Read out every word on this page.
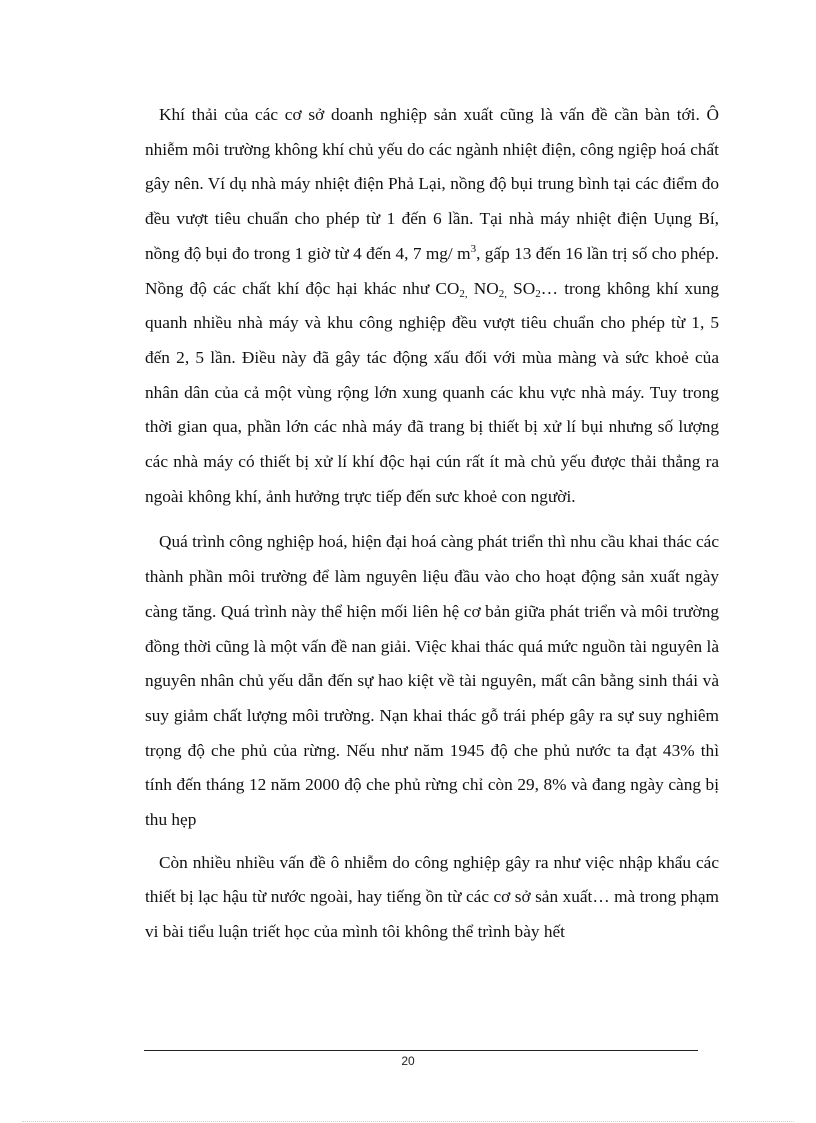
Khí thải của các cơ sở doanh nghiệp sản xuất cũng là vấn đề cần bàn tới. Ô nhiễm môi trường không khí chủ yếu do các ngành nhiệt điện, công ngiệp hoá chất gây nên. Ví dụ nhà máy nhiệt điện Phả Lại, nồng độ bụi trung bình tại các điểm đo đều vượt tiêu chuẩn cho phép từ 1 đến 6 lần. Tại nhà máy nhiệt điện Uụng Bí, nồng độ bụi đo trong 1 giờ từ 4 đến 4, 7 mg/ $m^3$, gấp 13 đến 16 lần trị số cho phép. Nồng độ các chất khí độc hại khác như $CO_{2,}$ $NO_{2,}$ $SO_2\dots$ trong không khí xung quanh nhiều nhà máy và khu công nghiệp đều vượt tiêu chuẩn cho phép từ 1, 5 đến 2, 5 lần. Điều này đã gây tác động xấu đối với mùa màng và sức khoẻ của nhân dân của cả một vùng rộng lớn xung quanh các khu vực nhà máy. Tuy trong thời gian qua, phần lớn các nhà máy đã trang bị thiết bị xử lí bụi nhưng số lượng các nhà máy có thiết bị xử lí khí độc hại cún rất ít mà chủ yếu được thải thẳng ra ngoài không khí, ảnh hưởng trực tiếp đến sưc khoẻ con người.

Quá trình công nghiệp hoá, hiện đại hoá càng phát triển thì nhu cầu khai thác các thành phần môi trường để làm nguyên liệu đầu vào cho hoạt động sản xuất ngày càng tăng. Quá trình này thể hiện mối liên hệ cơ bản giữa phát triển và môi trường đồng thời cũng là một vấn đề nan giải. Việc khai thác quá mức nguồn tài nguyên là nguyên nhân chủ yếu dẫn đến sự hao kiệt về tài nguyên, mất cân bằng sinh thái và suy giảm chất lượng môi trường. Nạn khai thác gỗ trái phép gây ra sự suy nghiêm trọng độ che phủ của rừng. Nếu như năm 1945 độ che phủ nước ta đạt 43% thì tính đến tháng 12 năm 2000 độ che phủ rừng chỉ còn 29, 8% và đang ngày càng bị thu hẹp

Còn nhiều nhiều vấn đề ô nhiễm do công nghiệp gây ra như việc nhập khẩu các thiết bị lạc hậu từ nước ngoài, hay tiếng ồn từ các cơ sở sản xuất… mà trong phạm vi bài tiểu luận triết học của mình tôi không thể trình bày hết

20
